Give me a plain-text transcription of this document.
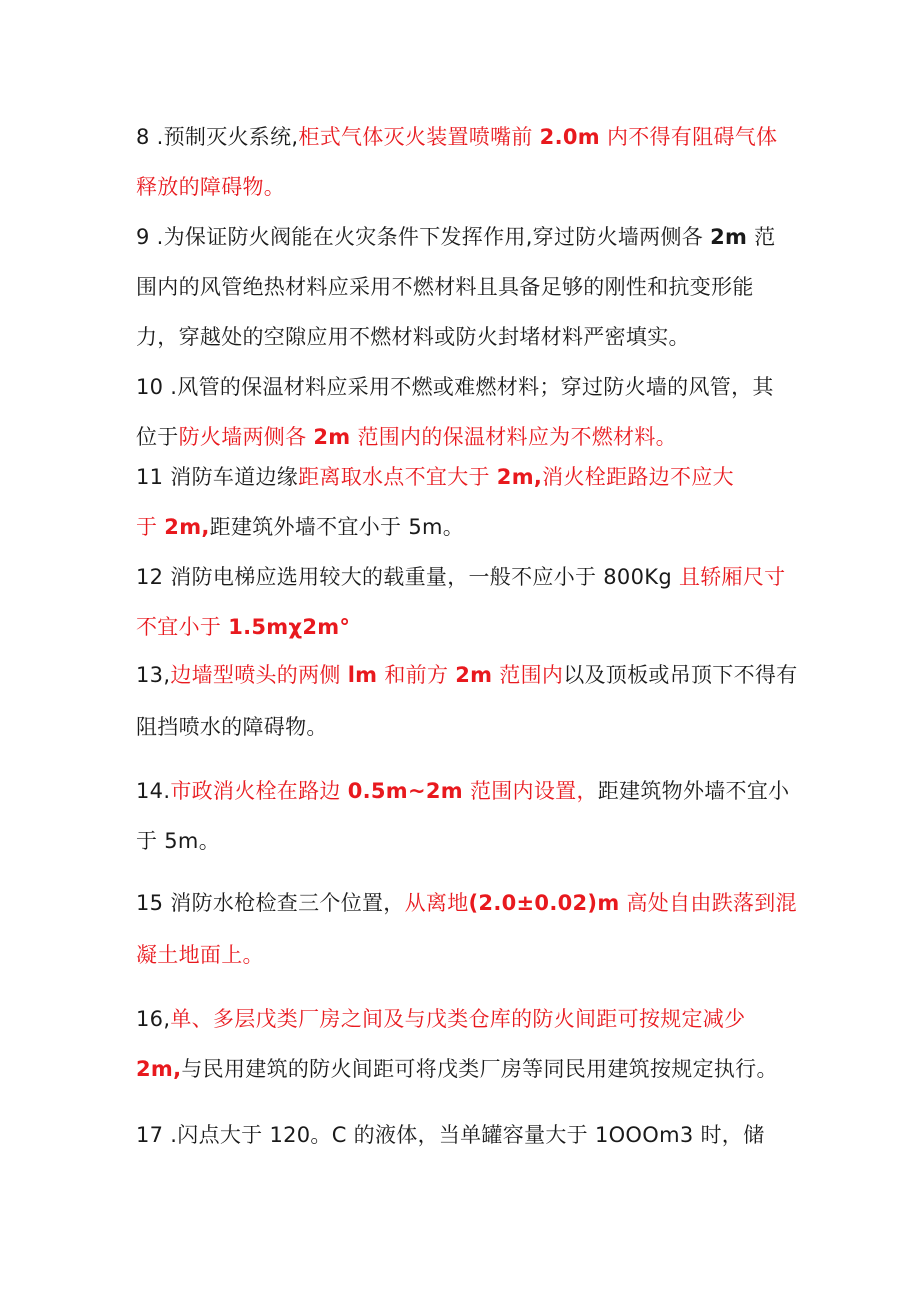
8 .预制灭火系统,柜式气体灭火装置喷嘴前 2.0m 内不得有阻碍气体
释放的障碍物。
9 .为保证防火阀能在火灾条件下发挥作用,穿过防火墙两侧各 2m 范
围内的风管绝热材料应采用不燃材料且具备足够的刚性和抗变形能
力，穿越处的空隙应用不燃材料或防火封堵材料严密填实。
10 .风管的保温材料应采用不燃或难燃材料；穿过防火墙的风管，其
位于防火墙两侧各 2m 范围内的保温材料应为不燃材料。
11 消防车道边缘距离取水点不宜大于 2m,消火栓距路边不应大
于 2m,距建筑外墙不宜小于 5m。
12 消防电梯应选用较大的载重量，一般不应小于 800Kg 且轿厢尺寸
不宜小于 1.5mχ2m°
13,边墙型喷头的两侧 lm 和前方 2m 范围内以及顶板或吊顶下不得有
阻挡喷水的障碍物。
14.市政消火栓在路边 0.5m~2m 范围内设置，距建筑物外墙不宜小
于 5m。
15 消防水枪检查三个位置，从离地(2.0±0.02)m 高处自由跌落到混
凝土地面上。
16,单、多层戊类厂房之间及与戊类仓库的防火间距可按规定减少
2m,与民用建筑的防火间距可将戊类厂房等同民用建筑按规定执行。
17 .闪点大于 120。C 的液体，当单罐容量大于 1OOOm3 时，储
